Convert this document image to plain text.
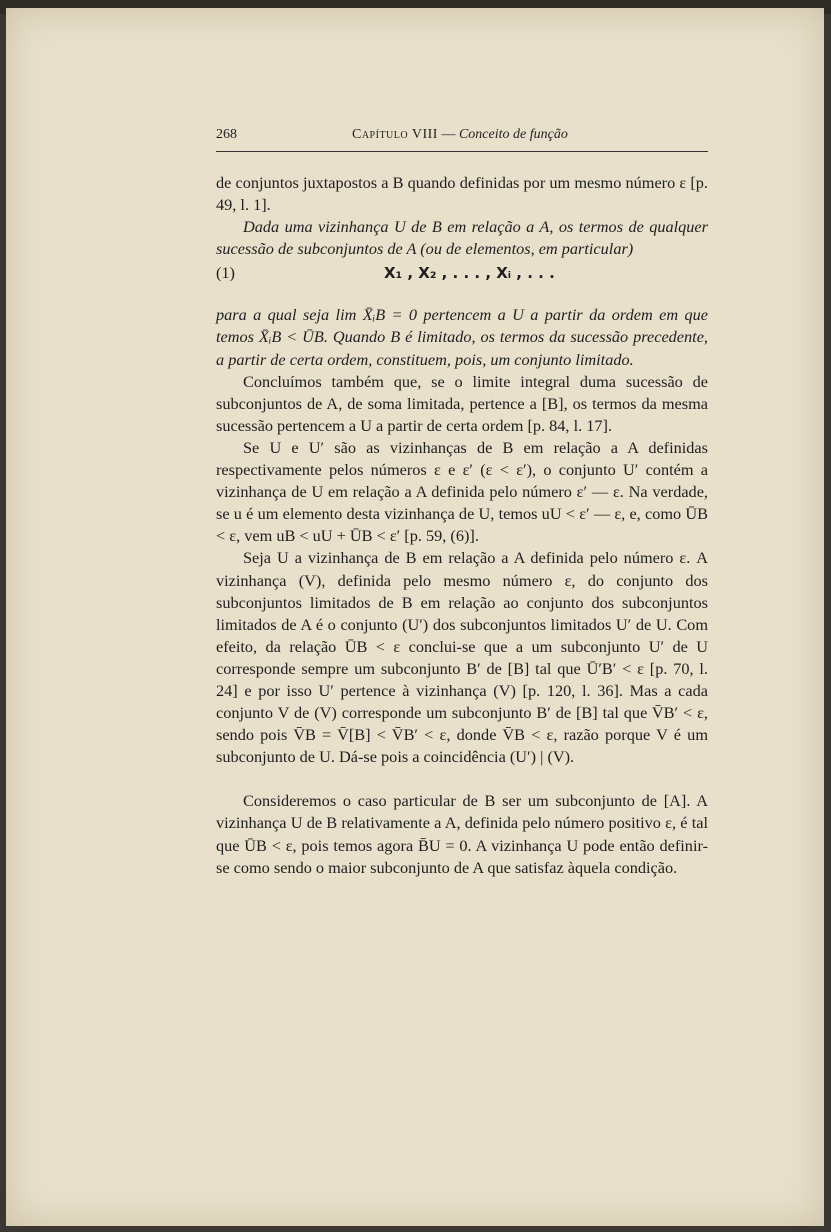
268	Capítulo VIII — Conceito de função

de conjuntos juxtapostos a B quando definidas por um mesmo número ε [p. 49, l. 1].

Dada uma vizinhança U de B em relação a A, os termos de qualquer sucessão de subconjuntos de A (ou de elementos, em particular)

(1)	X₁ , X₂ , . . . , Xᵢ , . . .

para a qual seja lim X̄ᵢB = 0 pertencem a U a partir da ordem em que temos X̄ᵢB < ŪB. Quando B é limitado, os termos da sucessão precedente, a partir de certa ordem, constituem, pois, um conjunto limitado.

Concluímos também que, se o limite integral duma sucessão de subconjuntos de A, de soma limitada, pertence a [B], os termos da mesma sucessão pertencem a U a partir de certa ordem [p. 84, l. 17].

Se U e U′ são as vizinhanças de B em relação a A definidas respectivamente pelos números ε e ε′ (ε < ε′), o conjunto U′ contém a vizinhança de U em relação a A definida pelo número ε′ — ε. Na verdade, se u é um elemento desta vizinhança de U, temos uU < ε′ — ε, e, como ŪB < ε, vem uB < uU + ŪB < ε′ [p. 59, (6)].

Seja U a vizinhança de B em relação a A definida pelo número ε. A vizinhança (V), definida pelo mesmo número ε, do conjunto dos subconjuntos limitados de B em relação ao conjunto dos subconjuntos limitados de A é o conjunto (U′) dos subconjuntos limitados U′ de U. Com efeito, da relação ŪB < ε conclui-se que a um subconjunto U′ de U corresponde sempre um subconjunto B′ de [B] tal que Ū′B′ < ε [p. 70, l. 24] e por isso U′ pertence à vizinhança (V) [p. 120, l. 36]. Mas a cada conjunto V de (V) corresponde um subconjunto B′ de [B] tal que V̄B′ < ε, sendo pois V̄B = V̄[B] < V̄B′ < ε, donde V̄B < ε, razão porque V é um subconjunto de U. Dá-se pois a coincidência (U′) | (V).

Consideremos o caso particular de B ser um subconjunto de [A]. A vizinhança U de B relativamente a A, definida pelo número positivo ε, é tal que ŪB < ε, pois temos agora B̄U = 0. A vizinhança U pode então definir-se como sendo o maior subconjunto de A que satisfaz àquela condição.
